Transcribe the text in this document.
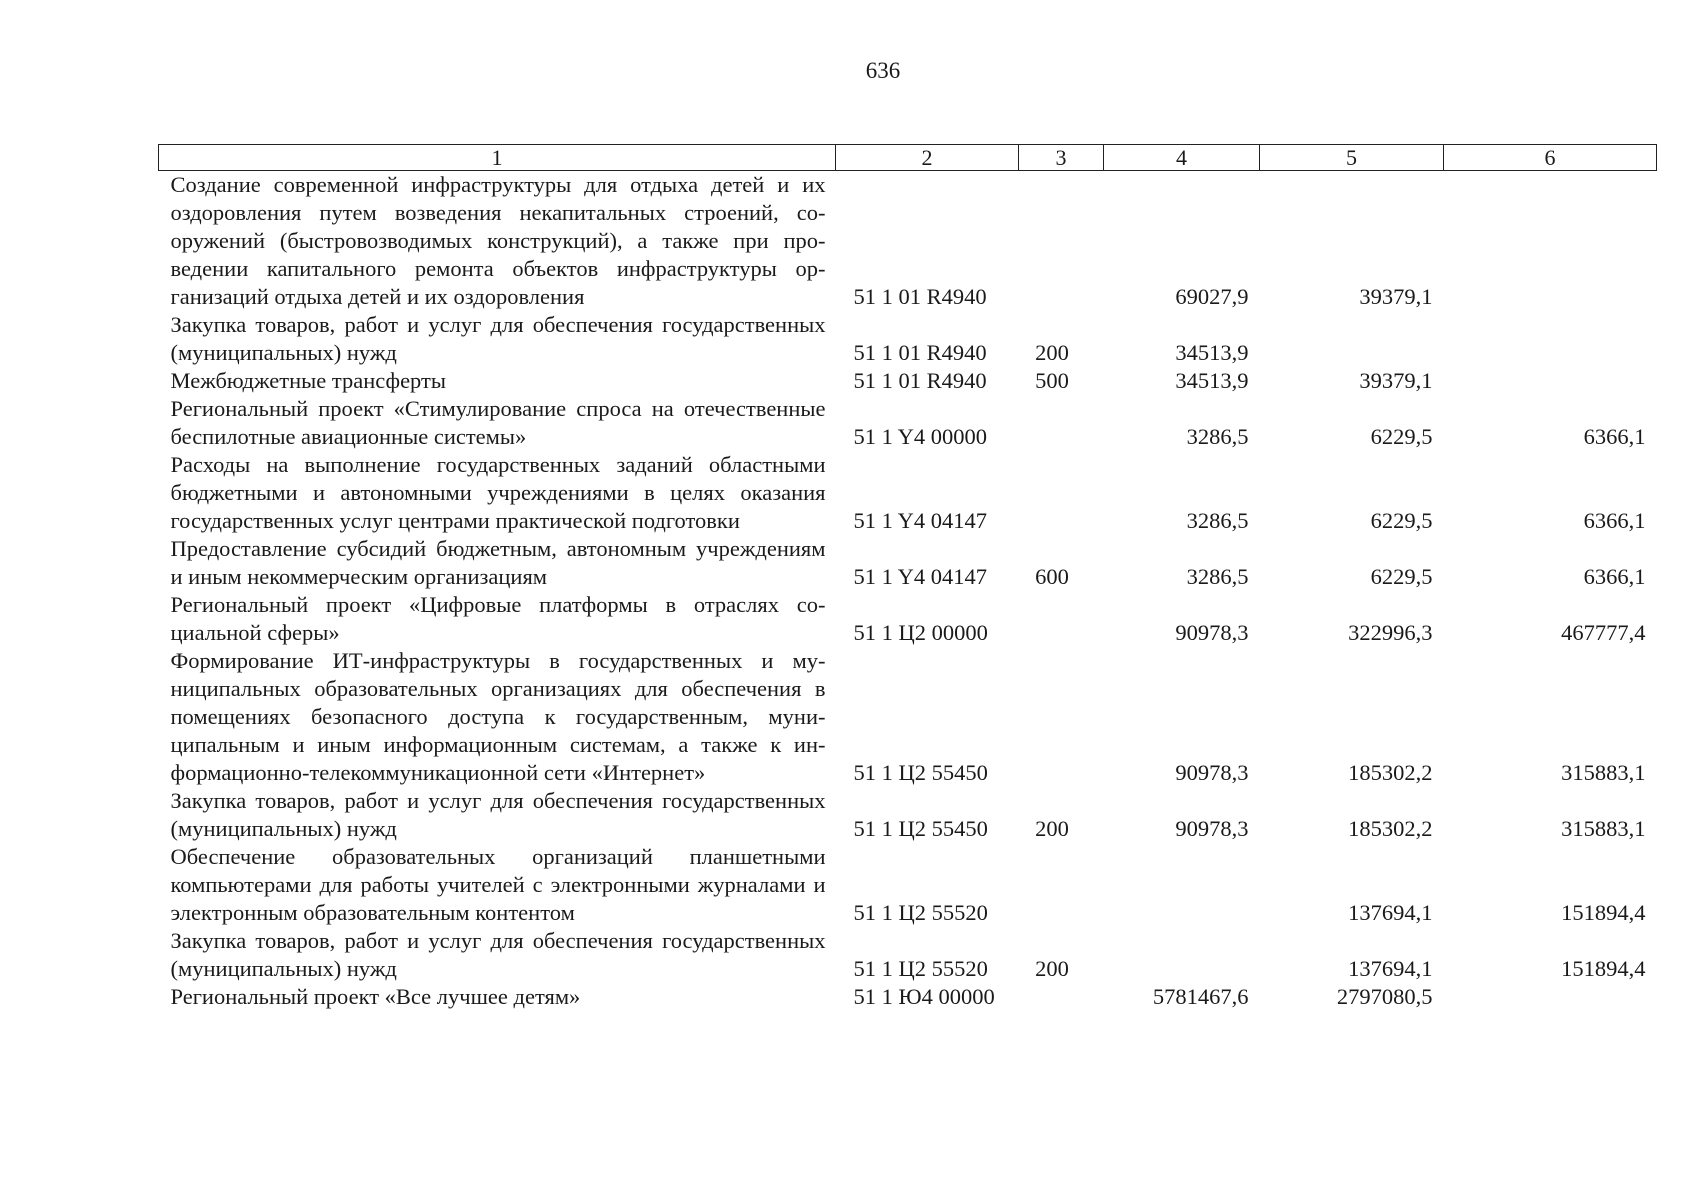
636
1	2	3	4	5	6
Создание современной инфраструктуры для отдыха детей и их оздоровления путем возведения некапитальных строений, сооружений (быстровозводимых конструкций), а также при проведении капитального ремонта объектов инфраструктуры организаций отдыха детей и их оздоровления	51 1 01 R4940		69027,9	39379,1	
Закупка товаров, работ и услуг для обеспечения государственных (муниципальных) нужд	51 1 01 R4940	200	34513,9		
Межбюджетные трансферты	51 1 01 R4940	500	34513,9	39379,1	
Региональный проект «Стимулирование спроса на отечественные беспилотные авиационные системы»	51 1 Y4 00000		3286,5	6229,5	6366,1
Расходы на выполнение государственных заданий областными бюджетными и автономными учреждениями в целях оказания государственных услуг центрами практической подготовки	51 1 Y4 04147		3286,5	6229,5	6366,1
Предоставление субсидий бюджетным, автономным учреждениям и иным некоммерческим организациям	51 1 Y4 04147	600	3286,5	6229,5	6366,1
Региональный проект «Цифровые платформы в отраслях социальной сферы»	51 1 Ц2 00000		90978,3	322996,3	467777,4
Формирование ИТ-инфраструктуры в государственных и муниципальных образовательных организациях для обеспечения в помещениях безопасного доступа к государственным, муниципальным и иным информационным системам, а также к информационно-телекоммуникационной сети «Интернет»	51 1 Ц2 55450		90978,3	185302,2	315883,1
Закупка товаров, работ и услуг для обеспечения государственных (муниципальных) нужд	51 1 Ц2 55450	200	90978,3	185302,2	315883,1
Обеспечение образовательных организаций планшетными компьютерами для работы учителей с электронными журналами и электронным образовательным контентом	51 1 Ц2 55520			137694,1	151894,4
Закупка товаров, работ и услуг для обеспечения государственных (муниципальных) нужд	51 1 Ц2 55520	200		137694,1	151894,4
Региональный проект «Все лучшее детям»	51 1 Ю4 00000		5781467,6	2797080,5	
